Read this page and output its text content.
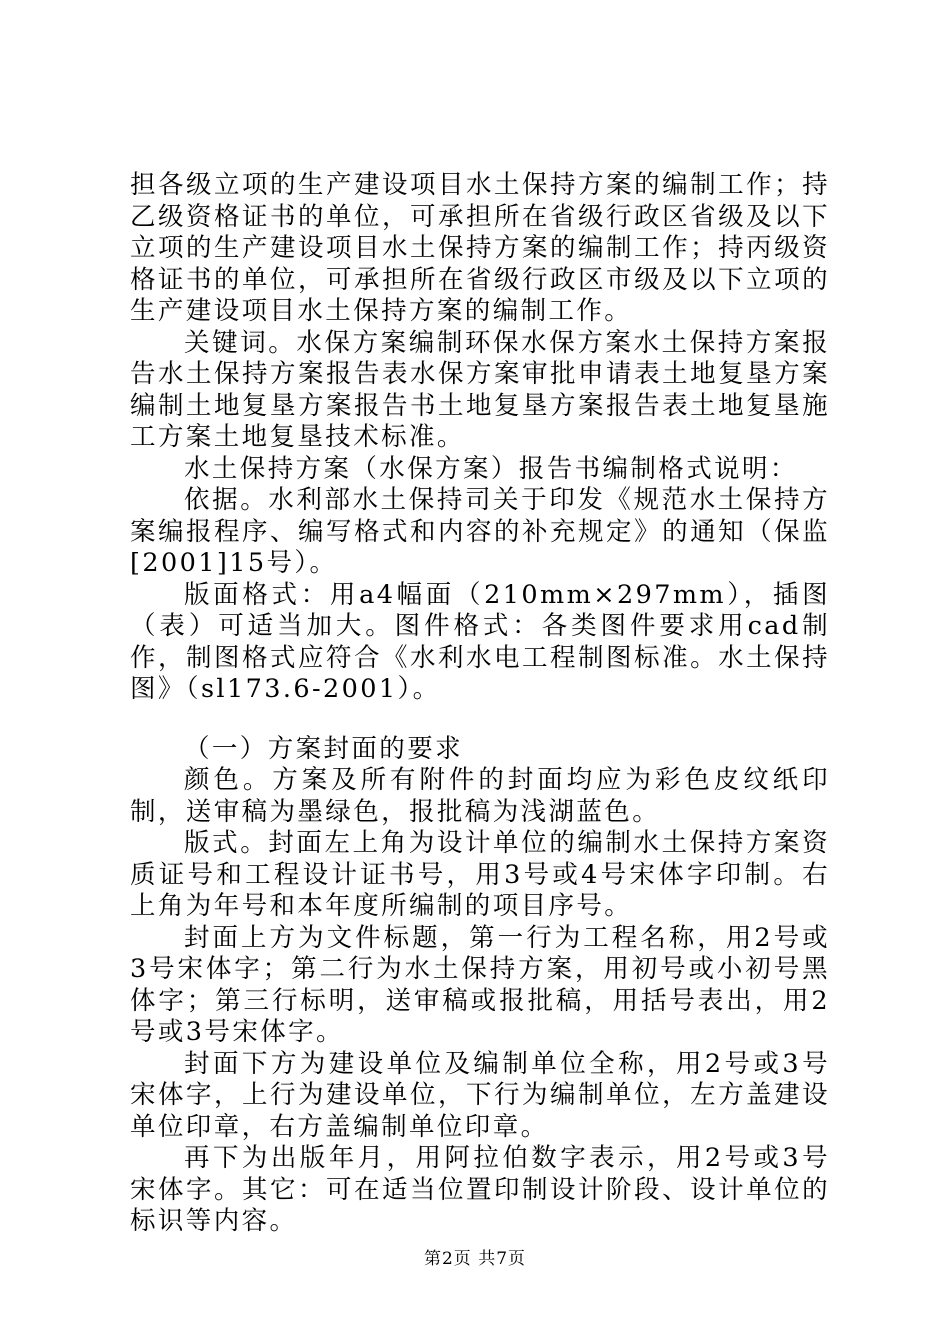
担各级立项的生产建设项目水土保持方案的编制工作；持乙级资格证书的单位，可承担所在省级行政区省级及以下立项的生产建设项目水土保持方案的编制工作；持丙级资格证书的单位，可承担所在省级行政区市级及以下立项的生产建设项目水土保持方案的编制工作。

关键词。水保方案编制环保水保方案水土保持方案报告水土保持方案报告表水保方案审批申请表土地复垦方案编制土地复垦方案报告书土地复垦方案报告表土地复垦施工方案土地复垦技术标准。

水土保持方案（水保方案）报告书编制格式说明：

依据。水利部水土保持司关于印发《规范水土保持方案编报程序、编写格式和内容的补充规定》的通知（保监[2001]15号）。

版面格式：用a4幅面（210mm×297mm），插图（表）可适当加大。图件格式：各类图件要求用cad制作，制图格式应符合《水利水电工程制图标准。水土保持图》（sl173.6-2001）。

（一）方案封面的要求

颜色。方案及所有附件的封面均应为彩色皮纹纸印制，送审稿为墨绿色，报批稿为浅湖蓝色。

版式。封面左上角为设计单位的编制水土保持方案资质证号和工程设计证书号，用3号或4号宋体字印制。右上角为年号和本年度所编制的项目序号。

封面上方为文件标题，第一行为工程名称，用2号或3号宋体字；第二行为水土保持方案，用初号或小初号黑体字；第三行标明，送审稿或报批稿，用括号表出，用2号或3号宋体字。

封面下方为建设单位及编制单位全称，用2号或3号宋体字，上行为建设单位，下行为编制单位，左方盖建设单位印章，右方盖编制单位印章。

再下为出版年月，用阿拉伯数字表示，用2号或3号宋体字。其它：可在适当位置印制设计阶段、设计单位的标识等内容。

第2页 共7页
